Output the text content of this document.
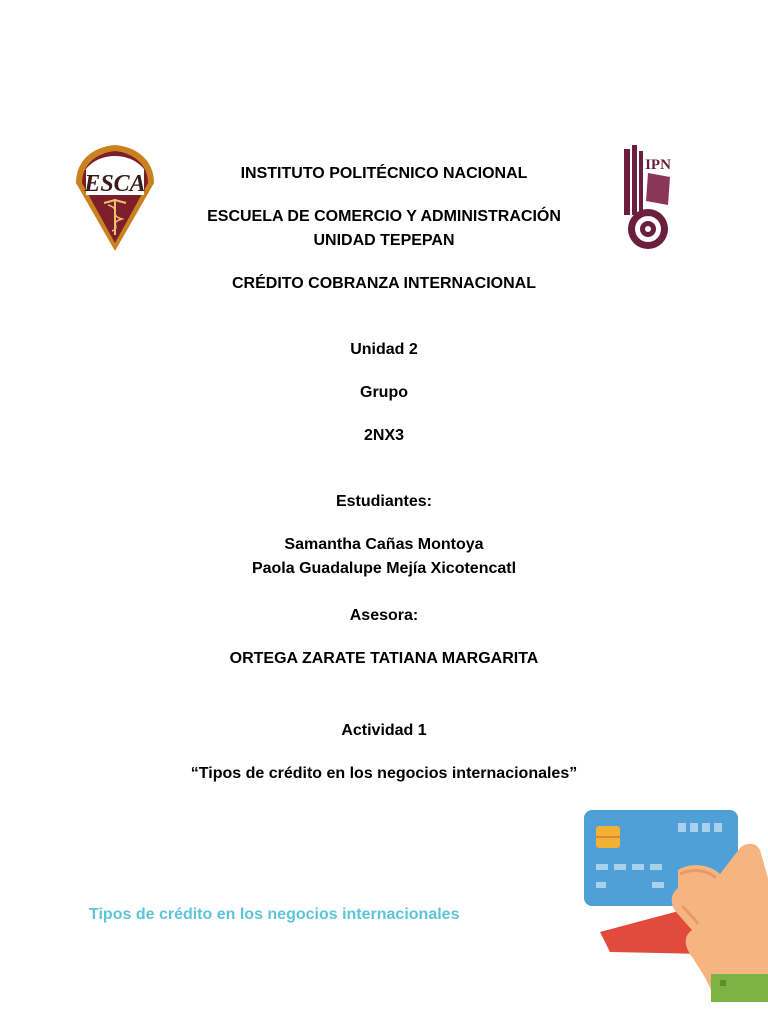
ESCA
IPN
INSTITUTO POLITÉCNICO NACIONAL
ESCUELA DE COMERCIO Y ADMINISTRACIÓN
UNIDAD TEPEPAN
CRÉDITO COBRANZA INTERNACIONAL
Unidad 2
Grupo
2NX3
Estudiantes:
Samantha Cañas Montoya
Paola Guadalupe Mejía Xicotencatl
Asesora:
ORTEGA ZARATE TATIANA MARGARITA
Actividad 1
“Tipos de crédito en los negocios internacionales”
Tipos de crédito en los negocios internacionales
